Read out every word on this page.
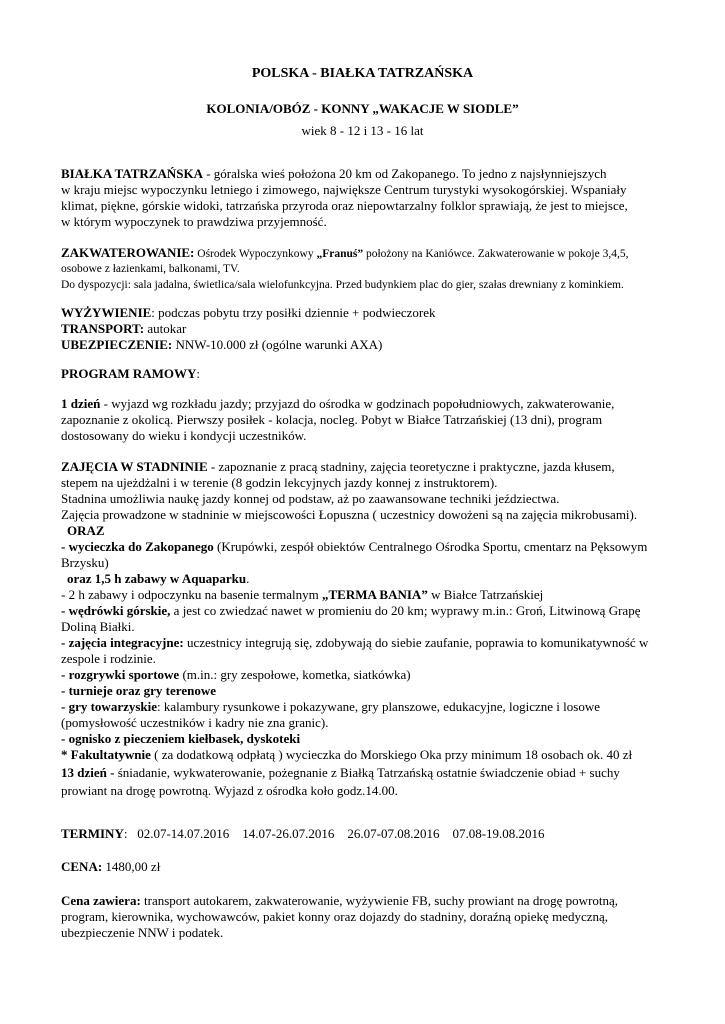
POLSKA - BIAŁKA TATRZAŃSKA
KOLONIA/OBÓZ - KONNY „WAKACJE W SIODLE”
wiek 8 - 12 i 13 - 16 lat
BIAŁKA TATRZAŃSKA - góralska wieś położona 20 km od Zakopanego. To jedno z najsłynniejszych
w kraju miejsc wypoczynku letniego i zimowego, największe Centrum turystyki wysokogórskiej. Wspaniały
klimat, piękne, górskie widoki, tatrzańska przyroda oraz niepowtarzalny folklor sprawiają, że jest to miejsce,
w którym wypoczynek to prawdziwa przyjemność.
ZAKWATEROWANIE: Ośrodek Wypoczynkowy „Franuś” położony na Kaniówce. Zakwaterowanie w pokoje 3,4,5,
osobowe z łazienkami, balkonami, TV.
Do dyspozycji: sala jadalna, świetlica/sala wielofunkcyjna. Przed budynkiem plac do gier, szałas drewniany z kominkiem.
WYŻYWIENIE: podczas pobytu trzy posiłki dziennie + podwieczorek
TRANSPORT: autokar
UBEZPIECZENIE: NNW-10.000 zł (ogólne warunki AXA)
PROGRAM RAMOWY:
1 dzień - wyjazd wg rozkładu jazdy; przyjazd do ośrodka w godzinach popołudniowych, zakwaterowanie,
zapoznanie z okolicą. Pierwszy posiłek - kolacja, nocleg. Pobyt w Białce Tatrzańskiej (13 dni), program
dostosowany do wieku i kondycji uczestników.
ZAJĘCIA W STADNINIE - zapoznanie z pracą stadniny, zajęcia teoretyczne i praktyczne, jazda kłusem,
stepem na ujeżdżalni i w terenie (8 godzin lekcyjnych jazdy konnej z instruktorem).
Stadnina umożliwia naukę jazdy konnej od podstaw, aż po zaawansowane techniki jeździectwa.
Zajęcia prowadzone w stadninie w miejscowości Łopuszna ( uczestnicy dowożeni są na zajęcia mikrobusami).
ORAZ
- wycieczka do Zakopanego (Krupówki, zespół obiektów Centralnego Ośrodka Sportu, cmentarz na Pęksowym
Brzysku)
oraz 1,5 h zabawy w Aquaparku.
- 2 h zabawy i odpoczynku na basenie termalnym „TERMA BANIA” w Białce Tatrzańskiej
- wędrówki górskie, a jest co zwiedzać nawet w promieniu do 20 km; wyprawy m.in.: Groń, Litwinową Grapę
Doliną Białki.
- zajęcia integracyjne: uczestnicy integrują się, zdobywają do siebie zaufanie, poprawia to komunikatywność w
zespole i rodzinie.
- rozgrywki sportowe (m.in.: gry zespołowe, kometka, siatkówka)
- turnieje oraz gry terenowe
- gry towarzyskie: kalambury rysunkowe i pokazywane, gry planszowe, edukacyjne, logiczne i losowe
(pomysłowość uczestników i kadry nie zna granic).
- ognisko z pieczeniem kiełbasek, dyskoteki
* Fakultatywnie ( za dodatkową odpłatą ) wycieczka do Morskiego Oka przy minimum 18 osobach ok. 40 zł
13 dzień - śniadanie, wykwaterowanie, pożegnanie z Białką Tatrzańską ostatnie świadczenie obiad + suchy
prowiant na drogę powrotną. Wyjazd z ośrodka koło godz.14.00.
TERMINY:   02.07-14.07.2016    14.07-26.07.2016    26.07-07.08.2016    07.08-19.08.2016
CENA: 1480,00 zł
Cena zawiera: transport autokarem, zakwaterowanie, wyżywienie FB, suchy prowiant na drogę powrotną,
program, kierownika, wychowawców, pakiet konny oraz dojazdy do stadniny, doraźną opiekę medyczną,
ubezpieczenie NNW i podatek.
